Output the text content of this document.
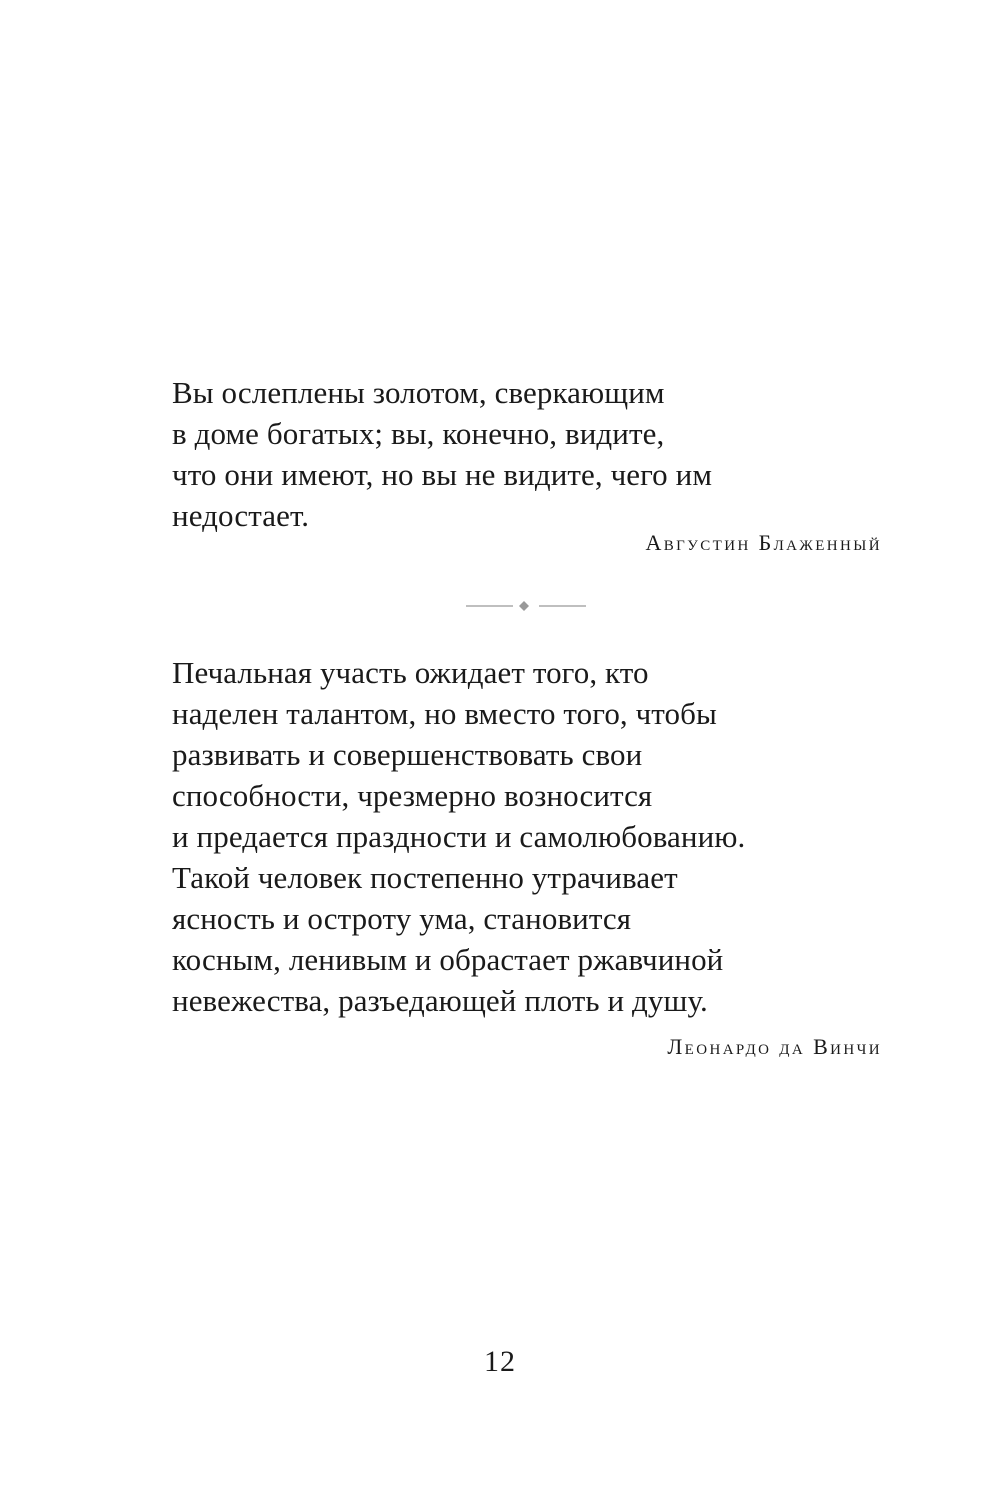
Вы ослеплены золотом, сверкающим
в доме богатых; вы, конечно, видите,
что они имеют, но вы не видите, чего им
недостает.
Августин Блаженный
Печальная участь ожидает того, кто
наделен талантом, но вместо того, чтобы
развивать и совершенствовать свои
способности, чрезмерно возносится
и предается праздности и самолюбованию.
Такой человек постепенно утрачивает
ясность и остроту ума, становится
косным, ленивым и обрастает ржавчиной
невежества, разъедающей плоть и душу.
Леонардо да Винчи
12
